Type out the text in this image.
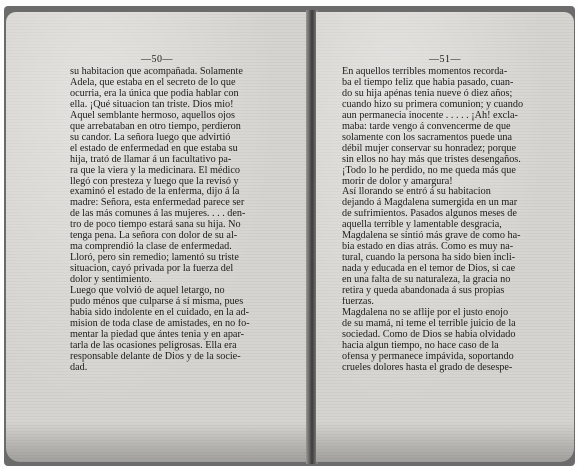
—50—
su habitacion que acompañada. Solamente
Adela, que estaba en el secreto de lo que
ocurria, era la única que podia hablar con
ella. ¡Qué situacion tan triste. Dios mio!
Aquel semblante hermoso, aquellos ojos
que arrebataban en otro tiempo, perdieron
su candor. La señora luego que advirtió
el estado de enfermedad en que estaba su
hija, trató de llamar á un facultativo pa-
ra que la viera y la medicinara. El médico
llegó con presteza y luego que la revisó y
examinó el estado de la enferma, dijo á la
madre: Señora, esta enfermedad parece ser
de las más comunes á las mujeres. . . . den-
tro de poco tiempo estará sana su hija. No
tenga pena. La señora con dolor de su al-
ma comprendió la clase de enfermedad.
Lloró, pero sin remedio; lamentó su triste
situacion, cayó privada por la fuerza del
dolor y sentimiento.
Luego que volvió de aquel letargo, no
pudo ménos que culparse á sí misma, pues
habia sido indolente en el cuidado, en la ad-
mision de toda clase de amistades, en no fo-
mentar la piedad que ántes tenia y en apar-
tarla de las ocasiones peligrosas. Ella era
responsable delante de Dios y de la socie-
dad.
—51—
En aquellos terribles momentos recorda-
ba el tiempo feliz que habia pasado, cuan-
do su hija apénas tenia nueve ó diez años;
cuando hizo su primera comunion; y cuando
aun permanecia inocente . . . . . ¡Ah! excla-
maba: tarde vengo á convencerme de que
solamente con los sacramentos puede una
débil mujer conservar su honradez; porque
sin ellos no hay más que tristes desengaños.
¡Todo lo he perdido, no me queda más que
morir de dolor y amargura!
Así llorando se entró á su habitacion
dejando á Magdalena sumergida en un mar
de sufrimientos. Pasados algunos meses de
aquella terrible y lamentable desgracia,
Magdalena se sintió más grave de como ha-
bia estado en dias atrás. Como es muy na-
tural, cuando la persona ha sido bien incli-
nada y educada en el temor de Dios, si cae
en una falta de su naturaleza, la gracia no
retira y queda abandonada á sus propias
fuerzas.
Magdalena no se aflije por el justo enojo
de su mamá, ni teme el terrible juicio de la
sociedad. Como de Dios se habia olvidado
hacia algun tiempo, no hace caso de la
ofensa y permanece impávida, soportando
crueles dolores hasta el grado de desespe-
